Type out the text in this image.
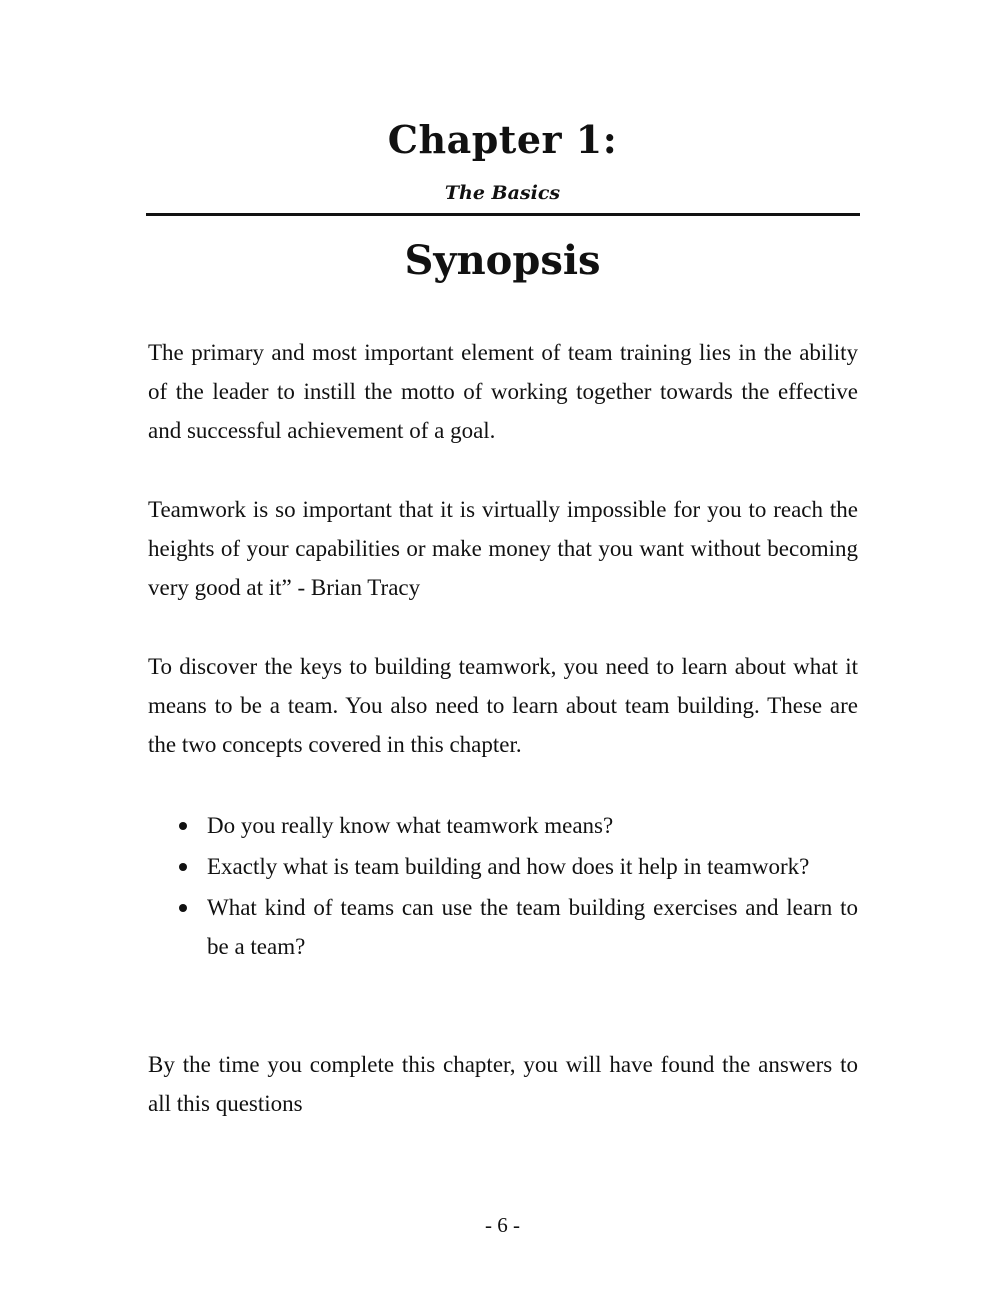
Chapter 1:

The Basics

Synopsis

The primary and most important element of team training lies in the ability of the leader to instill the motto of working together towards the effective and successful achievement of a goal.

Teamwork is so important that it is virtually impossible for you to reach the heights of your capabilities or make money that you want without becoming very good at it” - Brian Tracy

To discover the keys to building teamwork, you need to learn about what it means to be a team. You also need to learn about team building. These are the two concepts covered in this chapter.

Do you really know what teamwork means?
Exactly what is team building and how does it help in teamwork?
What kind of teams can use the team building exercises and learn to be a team?

By the time you complete this chapter, you will have found the answers to all this questions

- 6 -
